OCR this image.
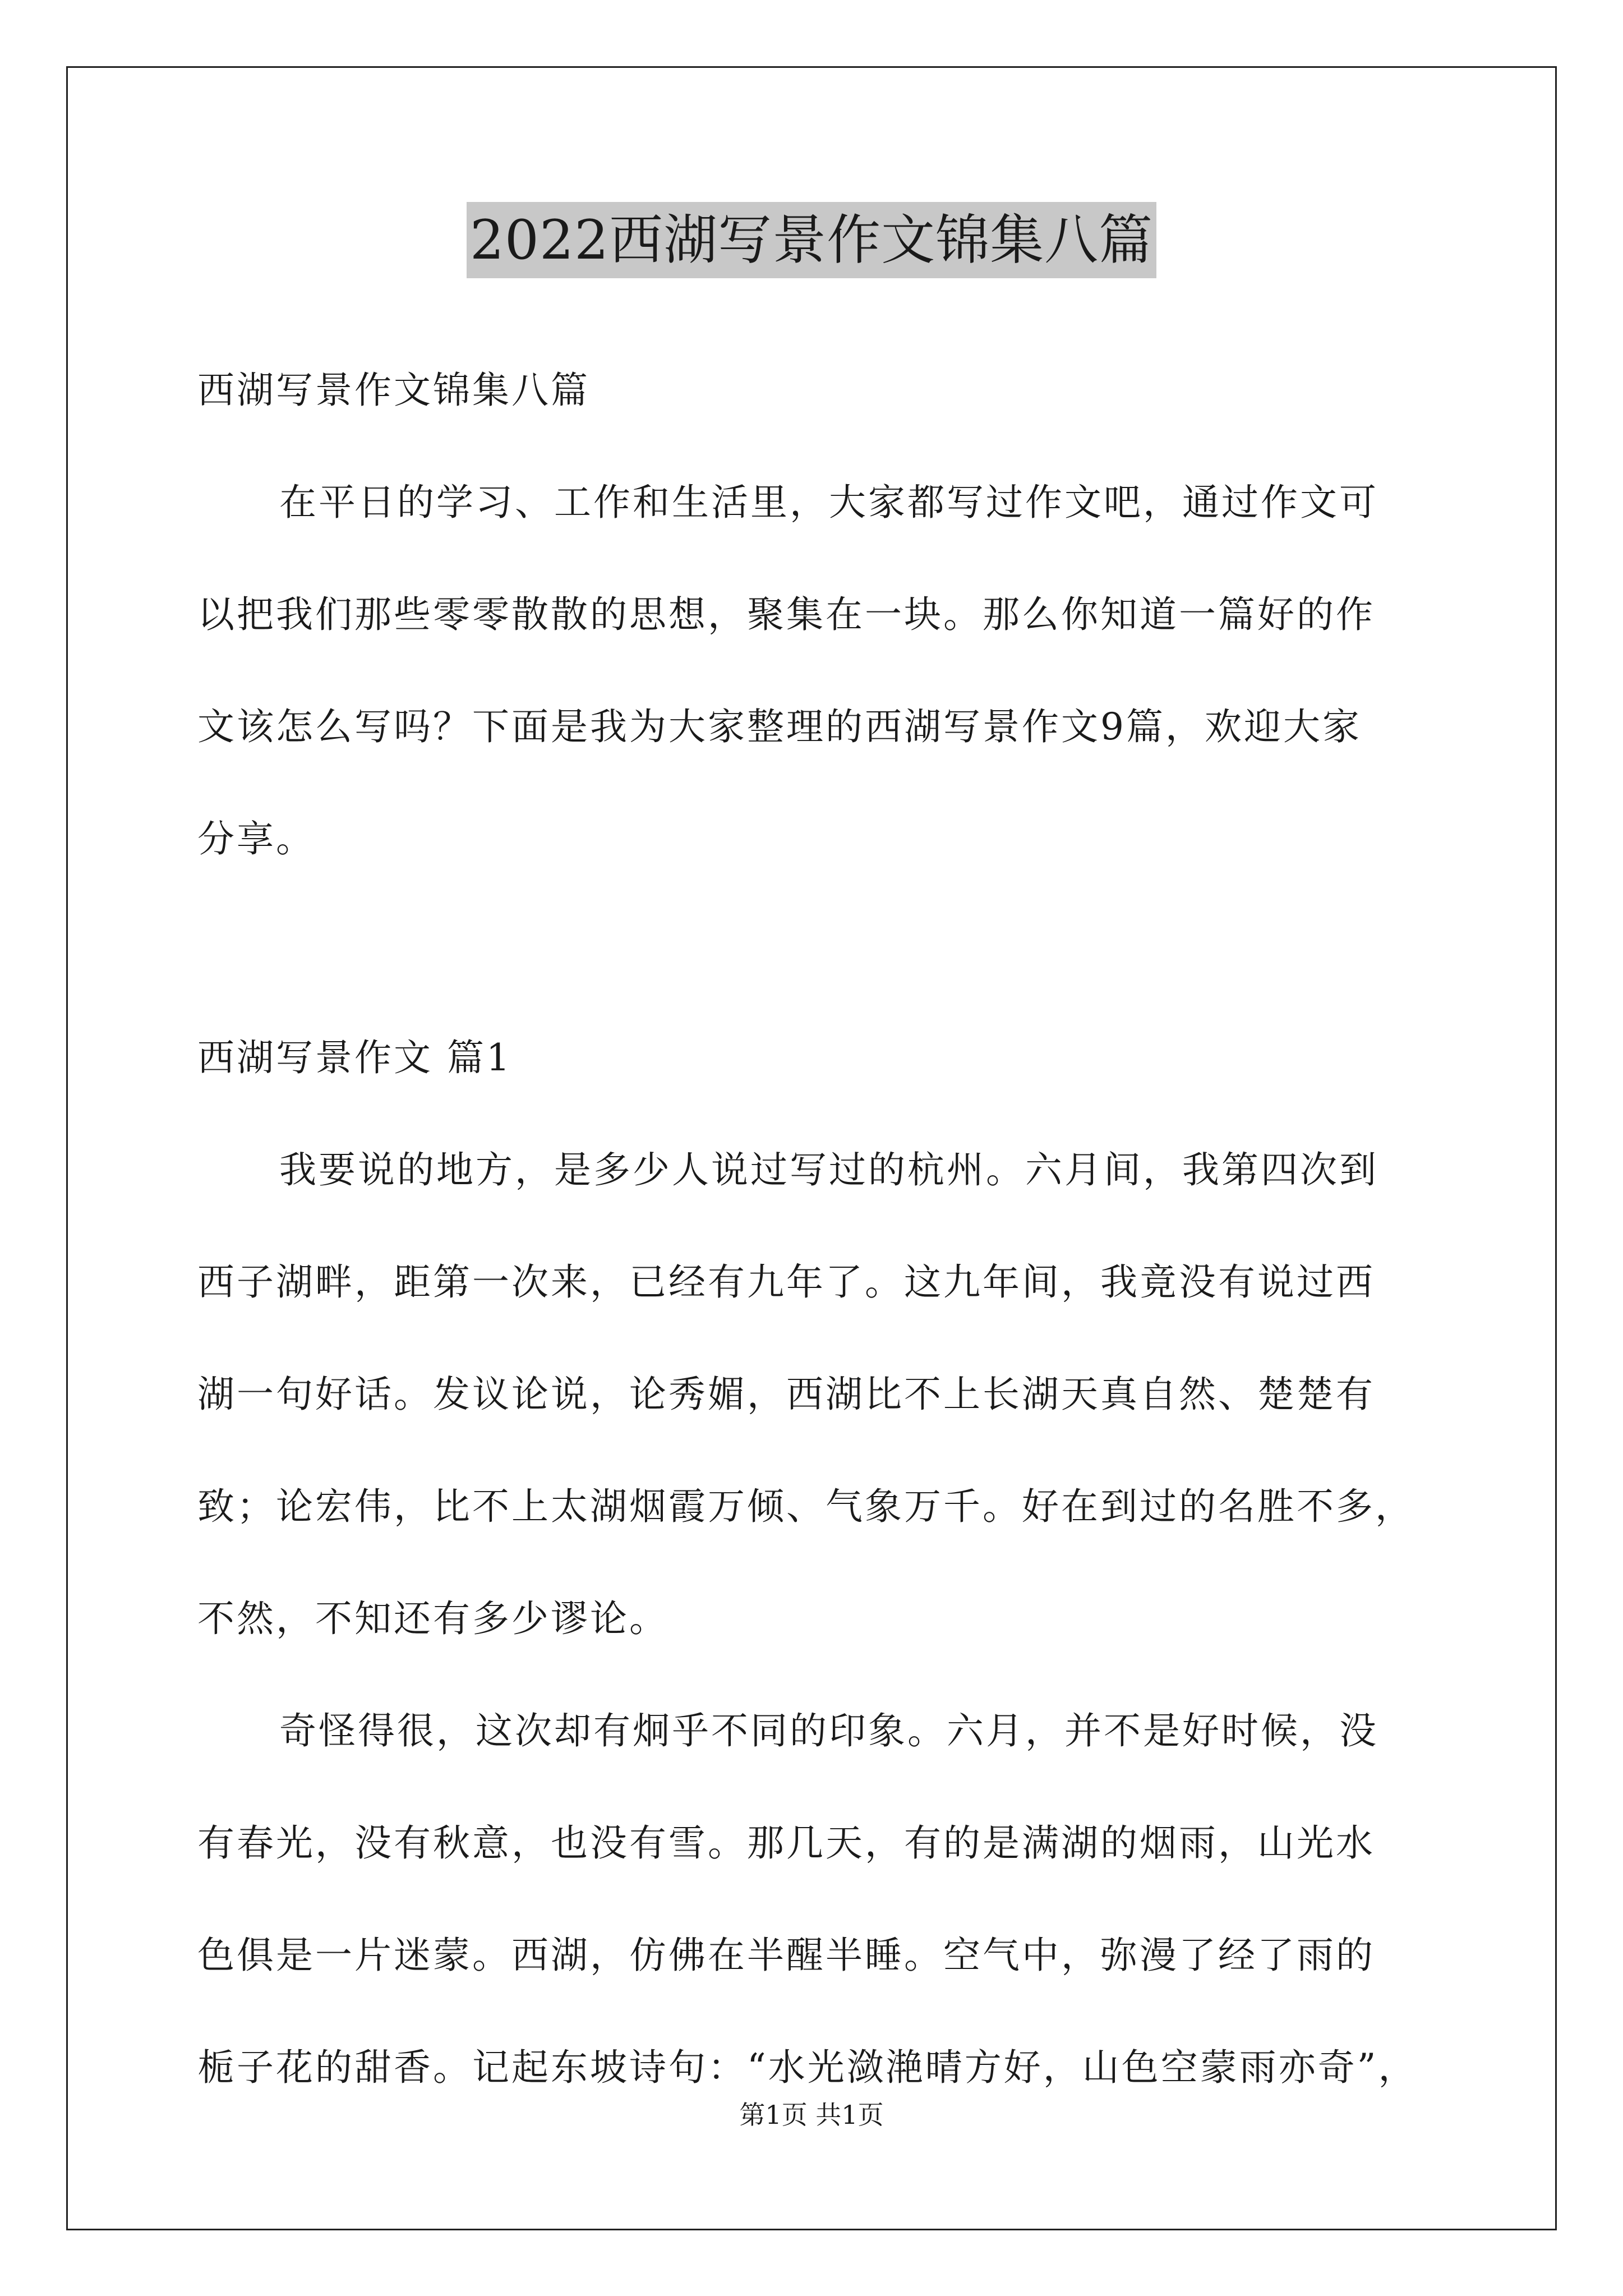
2022西湖写景作文锦集八篇
西湖写景作文锦集八篇
在平日的学习、工作和生活里，大家都写过作文吧，通过作文可
以把我们那些零零散散的思想，聚集在一块。那么你知道一篇好的作
文该怎么写吗？下面是我为大家整理的西湖写景作文9篇，欢迎大家
分享。
西湖写景作文 篇1
我要说的地方，是多少人说过写过的杭州。六月间，我第四次到
西子湖畔，距第一次来，已经有九年了。这九年间，我竟没有说过西
湖一句好话。发议论说，论秀媚，西湖比不上长湖天真自然、楚楚有
致；论宏伟，比不上太湖烟霞万倾、气象万千。好在到过的名胜不多，
不然，不知还有多少谬论。
奇怪得很，这次却有炯乎不同的印象。六月，并不是好时候，没
有春光，没有秋意，也没有雪。那几天，有的是满湖的烟雨，山光水
色俱是一片迷蒙。西湖，仿佛在半醒半睡。空气中，弥漫了经了雨的
栀子花的甜香。记起东坡诗句：“水光潋滟晴方好，山色空蒙雨亦奇”，
第1页 共1页
